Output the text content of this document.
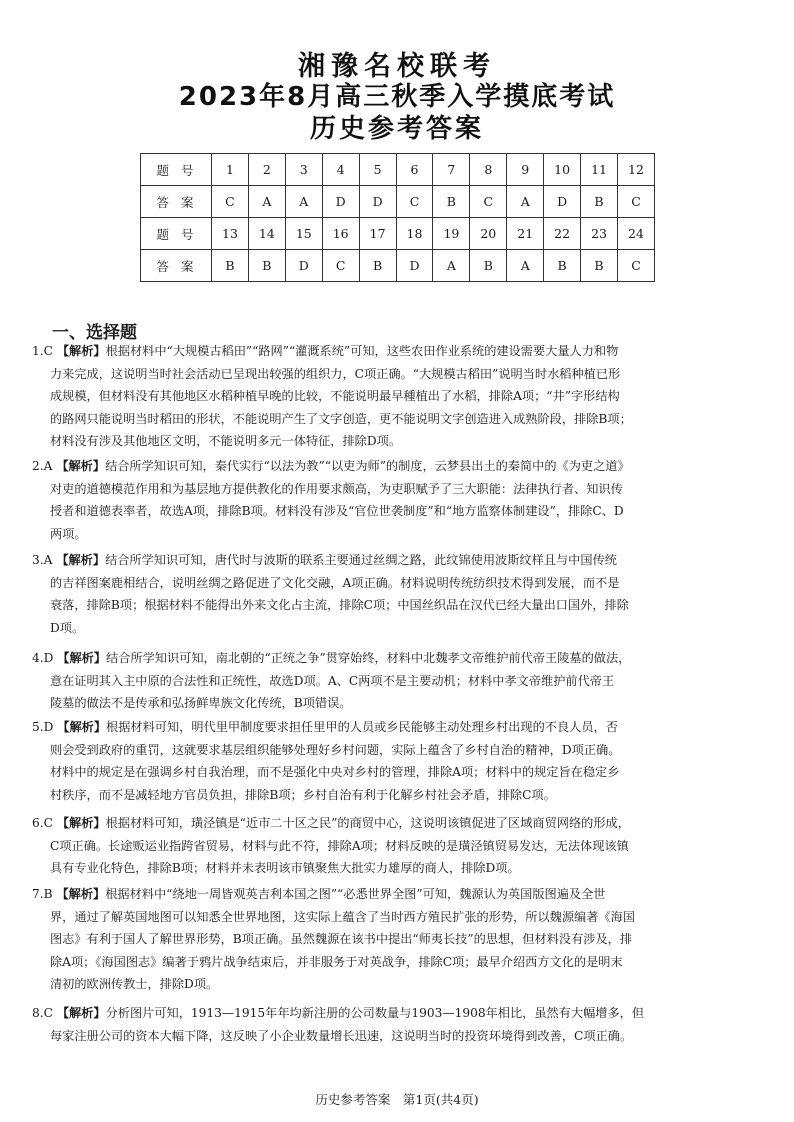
湘豫名校联考
2023年8月高三秋季入学摸底考试
历史参考答案
题号	1	2	3	4	5	6	7	8	9	10	11	12
答案	C	A	A	D	D	C	B	C	A	D	B	C
题号	13	14	15	16	17	18	19	20	21	22	23	24
答案	B	B	D	C	B	D	A	B	A	B	B	C
一、选择题
1.C 【解析】根据材料中“大规模古稻田”“路网”“灌溉系统”可知，这些农田作业系统的建设需要大量人力和物
力来完成，这说明当时社会活动已呈现出较强的组织力，C项正确。“大规模古稻田”说明当时水稻种植已形
成规模，但材料没有其他地区水稻种植早晚的比较，不能说明最早種植出了水稻，排除A项；“井”字形结构
的路网只能说明当时稻田的形状，不能说明产生了文字创造，更不能说明文字创造进入成熟阶段，排除B项；
材料没有涉及其他地区文明，不能说明多元一体特征，排除D项。
2.A 【解析】结合所学知识可知，秦代实行“以法为教”“以吏为师”的制度，云梦县出土的秦简中的《为吏之道》
对吏的道德模范作用和为基层地方提供教化的作用要求颇高，为吏职赋予了三大职能：法律执行者、知识传
授者和道德表率者，故选A项，排除B项。材料没有涉及“官位世袭制度”和“地方监察体制建设”，排除C、D
两项。
3.A 【解析】结合所学知识可知，唐代时与波斯的联系主要通过丝绸之路，此纹锦使用波斯纹样且与中国传统
的吉祥图案鹿相结合，说明丝绸之路促进了文化交融，A项正确。材料说明传统纺织技术得到发展，而不是
衰落，排除B项；根据材料不能得出外来文化占主流，排除C项；中国丝织品在汉代已经大量出口国外，排除
D项。
4.D 【解析】结合所学知识可知，南北朝的“正统之争”贯穿始终，材料中北魏孝文帝维护前代帝王陵墓的做法，
意在证明其入主中原的合法性和正统性，故选D项。A、C两项不是主要动机；材料中孝文帝维护前代帝王
陵墓的做法不是传承和弘扬鲜卑族文化传统，B项错误。
5.D 【解析】根据材料可知，明代里甲制度要求担任里甲的人员或乡民能够主动处理乡村出现的不良人员，否
则会受到政府的重罚，这就要求基层组织能够处理好乡村问题，实际上蕴含了乡村自治的精神，D项正确。
材料中的规定是在强调乡村自我治理，而不是强化中央对乡村的管理，排除A项；材料中的规定旨在稳定乡
村秩序，而不是减轻地方官员负担，排除B项；乡村自治有利于化解乡村社会矛盾，排除C项。
6.C 【解析】根据材料可知，璜泾镇是“近市二十区之民”的商贸中心，这说明该镇促进了区域商贸网络的形成，
C项正确。长途贩运业指跨省贸易，材料与此不符，排除A项；材料反映的是璜泾镇贸易发达，无法体现该镇
具有专业化特色，排除B项；材料并未表明该市镇聚焦大批实力雄厚的商人，排除D项。
7.B 【解析】根据材料中“绕地一周皆观英吉利本国之图”“必悉世界全图”可知，魏源认为英国版图遍及全世
界，通过了解英国地图可以知悉全世界地图，这实际上蕴含了当时西方殖民扩张的形势，所以魏源编著《海国
图志》有利于国人了解世界形势，B项正确。虽然魏源在该书中提出“师夷长技”的思想，但材料没有涉及，排
除A项；《海国图志》编著于鸦片战争结束后，并非服务于对英战争，排除C项；最早介绍西方文化的是明末
清初的欧洲传教士，排除D项。
8.C 【解析】分析图片可知，1913—1915年年均新注册的公司数量与1903—1908年相比，虽然有大幅增多，但
每家注册公司的资本大幅下降，这反映了小企业数量增长迅速，这说明当时的投资环境得到改善，C项正确。
历史参考答案　第1页(共4页)
